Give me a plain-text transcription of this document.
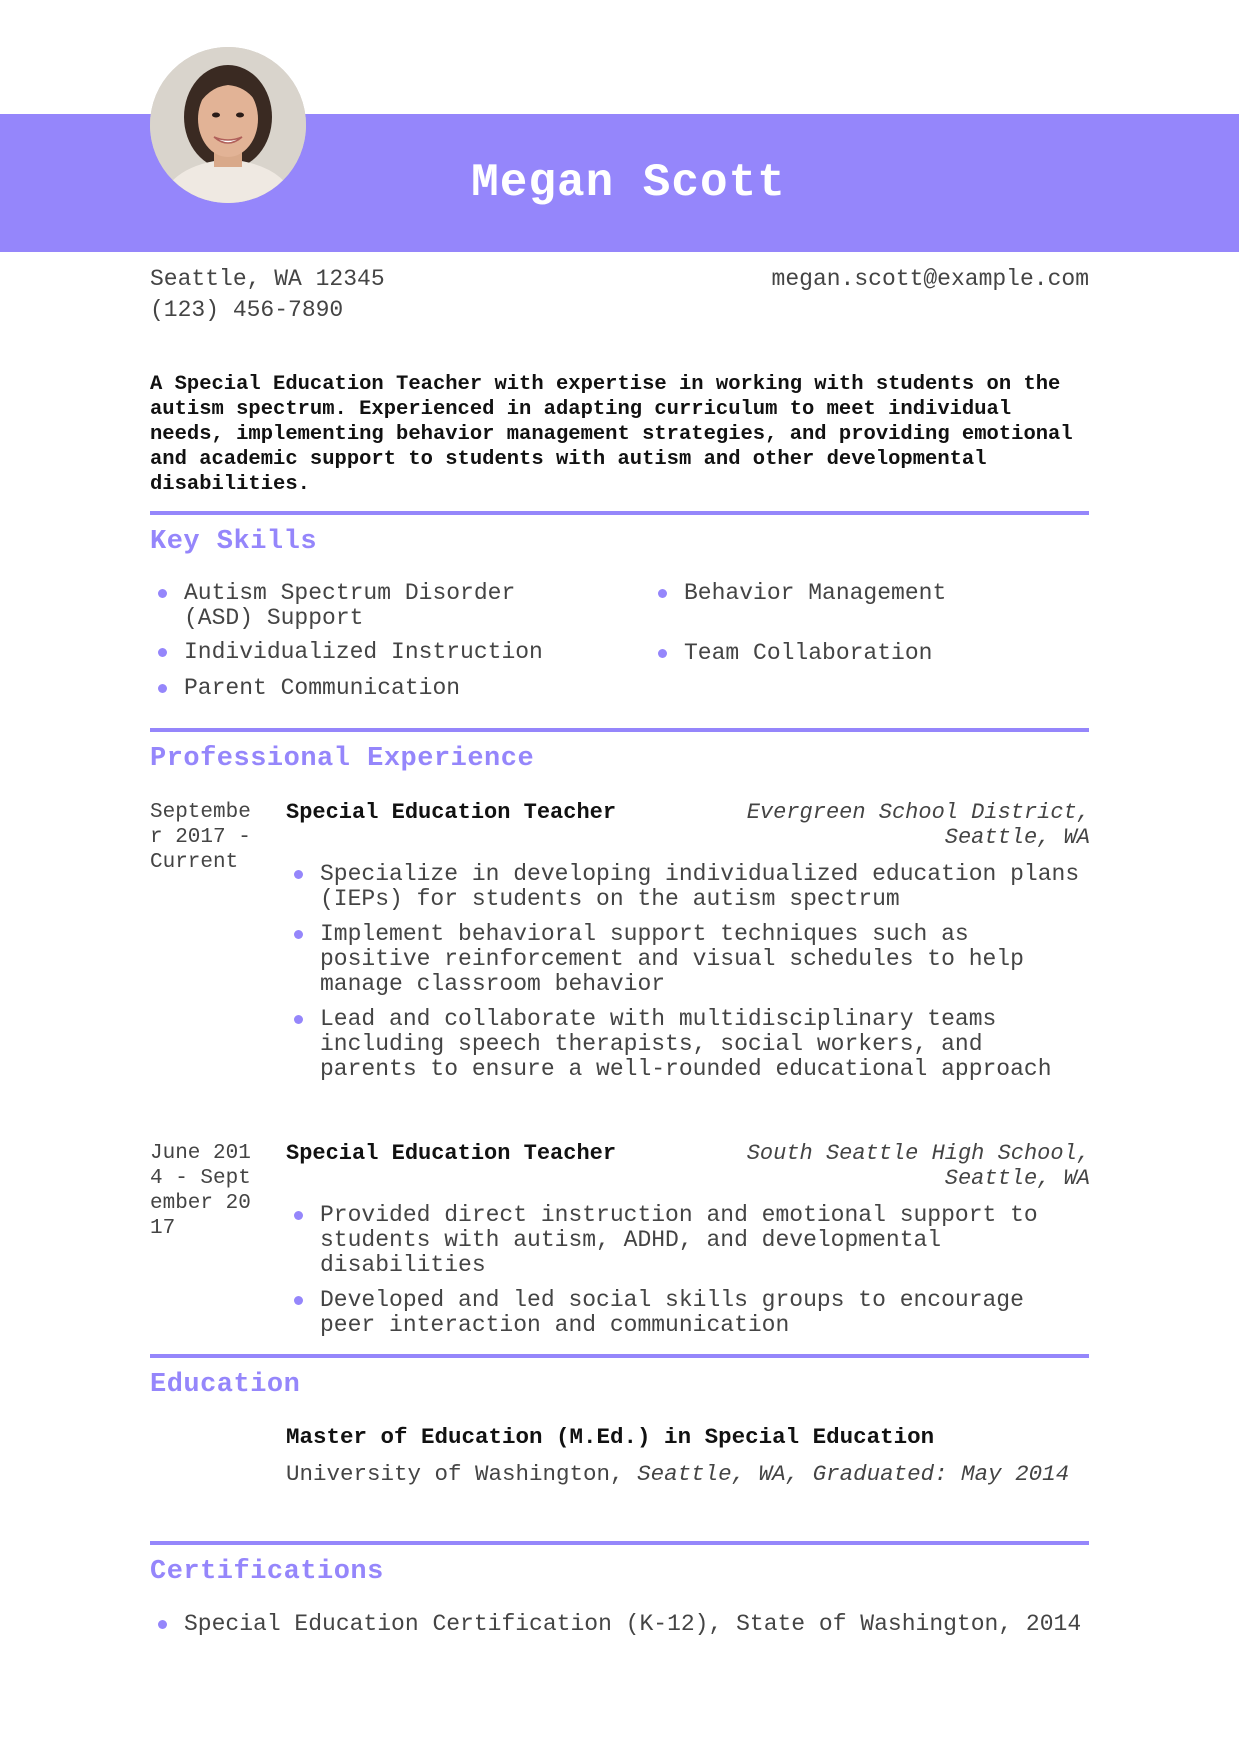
Megan Scott
Seattle, WA 12345
(123) 456-7890
megan.scott@example.com
A Special Education Teacher with expertise in working with students on the autism spectrum. Experienced in adapting curriculum to meet individual needs, implementing behavior management strategies, and providing emotional and academic support to students with autism and other developmental disabilities.
Key Skills
Autism Spectrum Disorder (ASD) Support
Individualized Instruction
Parent Communication
Behavior Management
Team Collaboration
Professional Experience
September 2017 - Current
Special Education Teacher	Evergreen School District, Seattle, WA
Specialize in developing individualized education plans (IEPs) for students on the autism spectrum
Implement behavioral support techniques such as positive reinforcement and visual schedules to help manage classroom behavior
Lead and collaborate with multidisciplinary teams including speech therapists, social workers, and parents to ensure a well-rounded educational approach
June 2014 - September 2017
Special Education Teacher	South Seattle High School, Seattle, WA
Provided direct instruction and emotional support to students with autism, ADHD, and developmental disabilities
Developed and led social skills groups to encourage peer interaction and communication
Education
Master of Education (M.Ed.) in Special Education
University of Washington, Seattle, WA, Graduated: May 2014
Certifications
Special Education Certification (K-12), State of Washington, 2014
